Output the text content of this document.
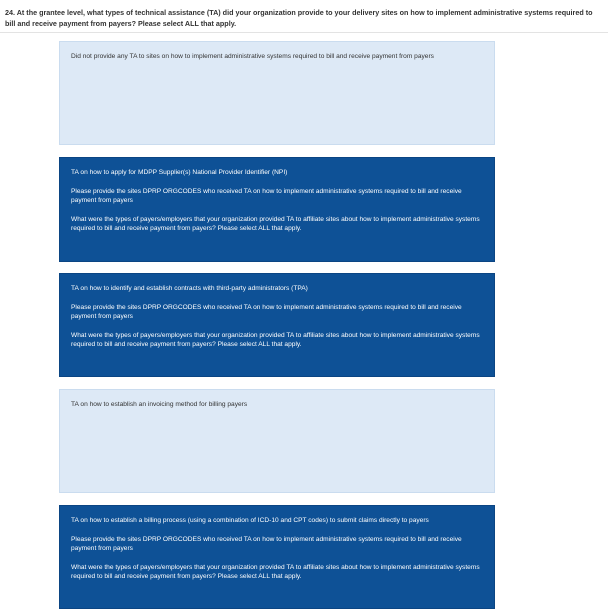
24. At the grantee level, what types of technical assistance (TA) did your organization provide to your delivery sites on how to implement administrative systems required to bill and receive payment from payers? Please select ALL that apply.

Did not provide any TA to sites on how to implement administrative systems required to bill and receive payment from payers

TA on how to apply for MDPP Supplier(s) National Provider Identifier (NPI)

Please provide the sites DPRP ORGCODES who received TA on how to implement administrative systems required to bill and receive payment from payers

What were the types of payers/employers that your organization provided TA to affiliate sites about how to implement administrative systems required to bill and receive payment from payers? Please select ALL that apply.

TA on how to identify and establish contracts with third-party administrators (TPA)

Please provide the sites DPRP ORGCODES who received TA on how to implement administrative systems required to bill and receive payment from payers

What were the types of payers/employers that your organization provided TA to affiliate sites about how to implement administrative systems required to bill and receive payment from payers? Please select ALL that apply.

TA on how to establish an invoicing method for billing payers

TA on how to establish a billing process (using a combination of ICD-10 and CPT codes) to submit claims directly to payers

Please provide the sites DPRP ORGCODES who received TA on how to implement administrative systems required to bill and receive payment from payers

What were the types of payers/employers that your organization provided TA to affiliate sites about how to implement administrative systems required to bill and receive payment from payers? Please select ALL that apply.
